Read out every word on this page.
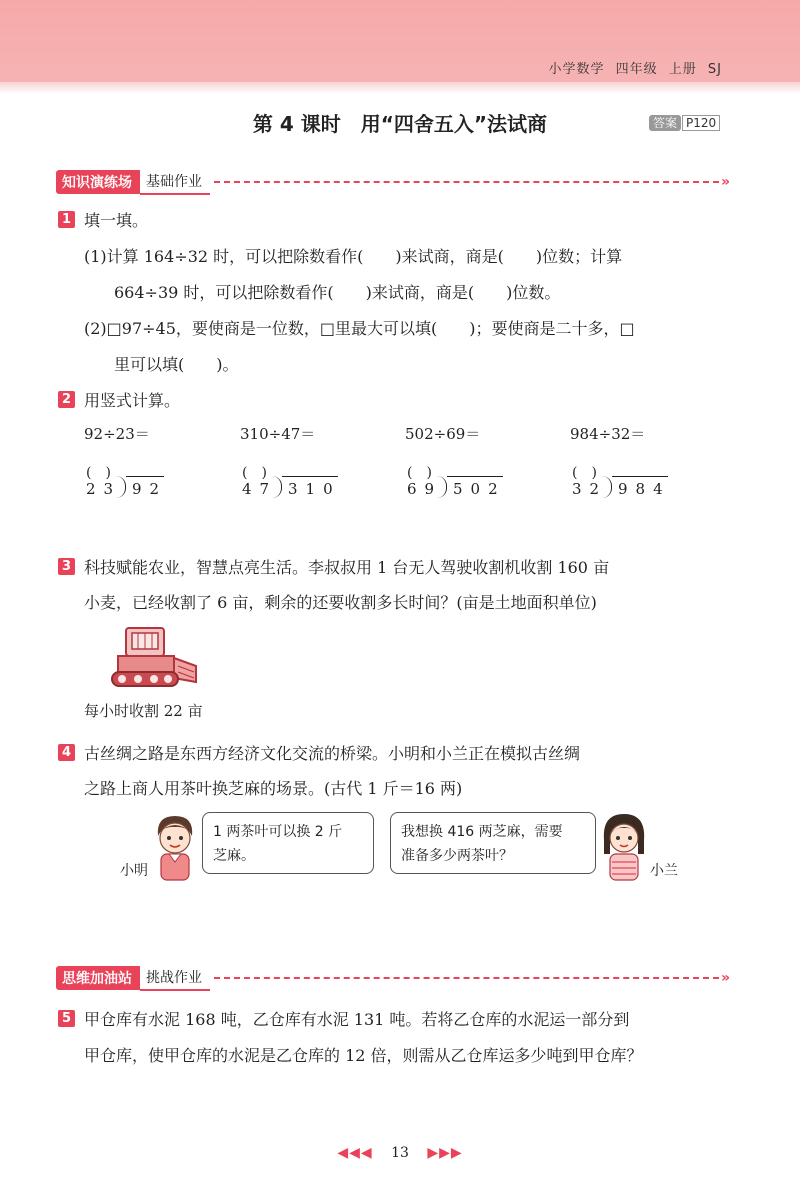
小学数学 四年级 上册 SJ
第 4 课时　用“四舍五入”法试商	答案 P120
知识演练场	基础作业	»
1 填一填。
(1)计算 164÷32 时，可以把除数看作(　　)来试商，商是(　　)位数；计算
664÷39 时，可以把除数看作(　　)来试商，商是(　　)位数。
(2)□97÷45，要使商是一位数，□里最大可以填(　　)；要使商是二十多，□
里可以填(　　)。
2 用竖式计算。
92÷23＝	310÷47＝	502÷69＝	984÷32＝
(　)
23 92
(　)
47 310
(　)
69 502
(　)
32 984
3 科技赋能农业，智慧点亮生活。李叔叔用 1 台无人驾驶收割机收割 160 亩
小麦，已经收割了 6 亩，剩余的还要收割多长时间？(亩是土地面积单位)
每小时收割 22 亩
4 古丝绸之路是东西方经济文化交流的桥梁。小明和小兰正在模拟古丝绸
之路上商人用茶叶换芝麻的场景。(古代 1 斤＝16 两)
小明
1 两茶叶可以换 2 斤
芝麻。
我想换 416 两芝麻，需要
准备多少两茶叶？
小兰
思维加油站	挑战作业	»
5 甲仓库有水泥 168 吨，乙仓库有水泥 131 吨。若将乙仓库的水泥运一部分到
甲仓库，使甲仓库的水泥是乙仓库的 12 倍，则需从乙仓库运多少吨到甲仓库？
◀◀◀ 13 ▶▶▶
